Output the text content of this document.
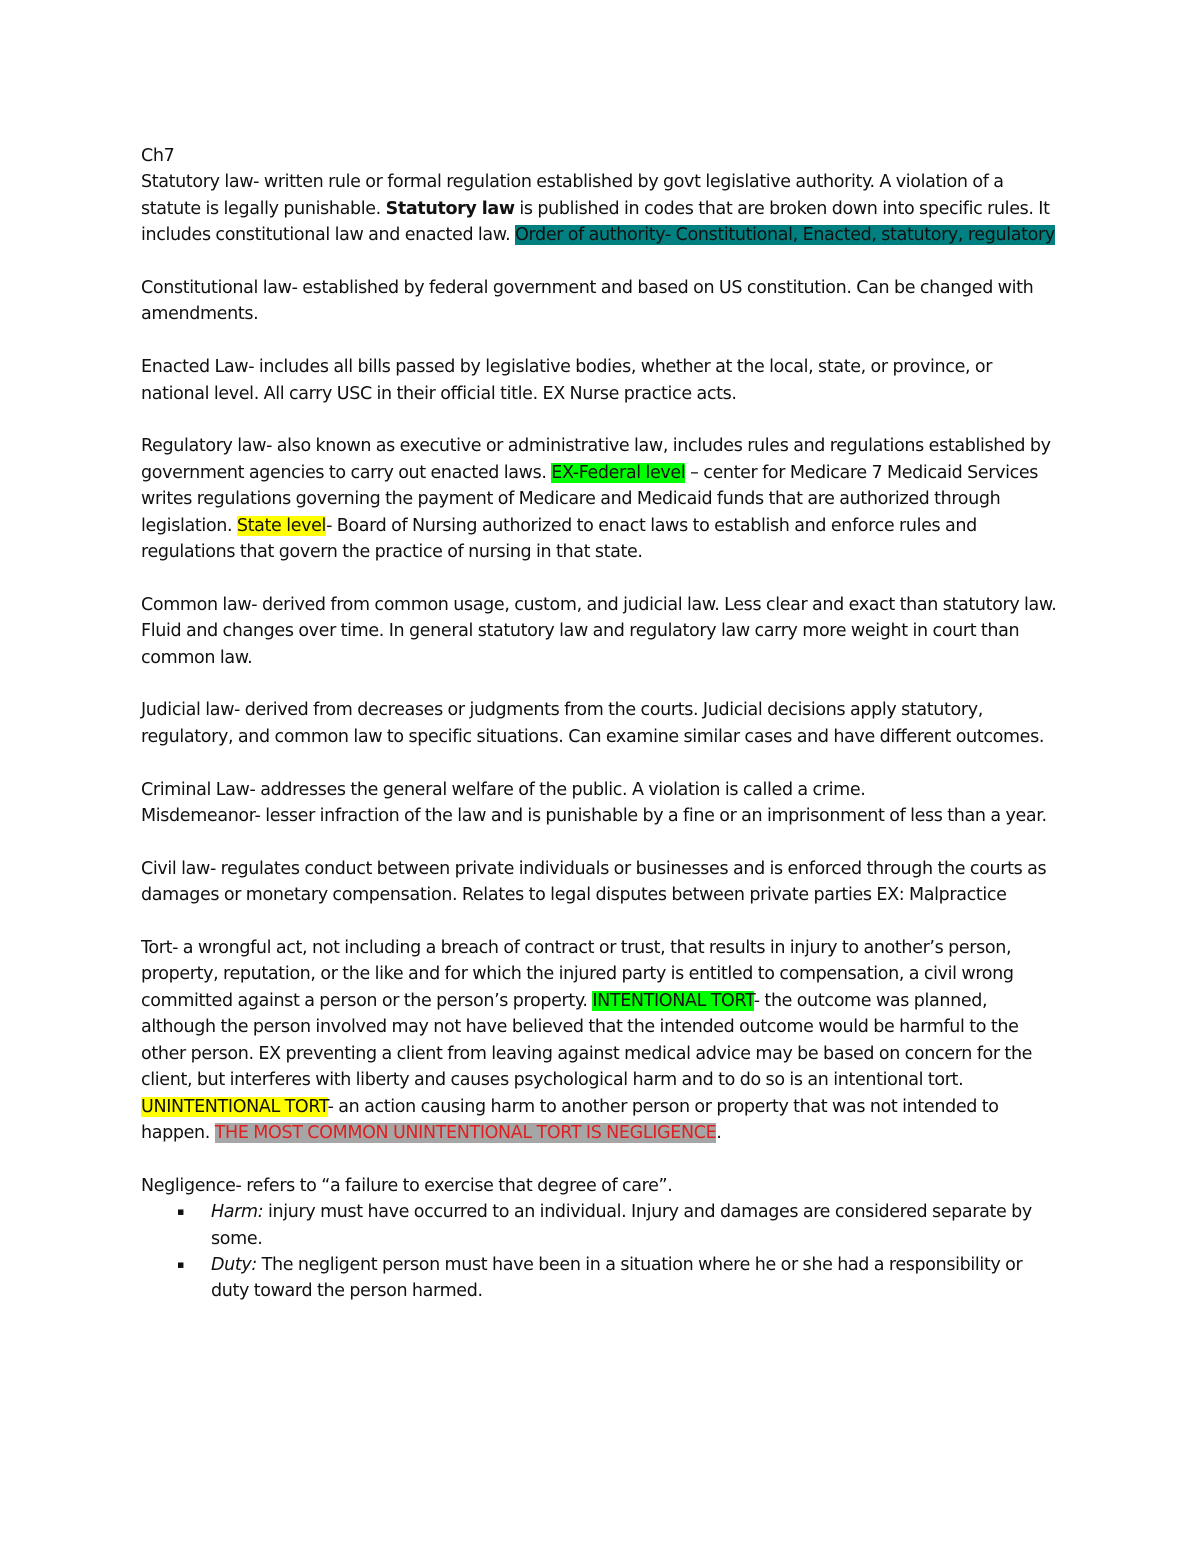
Ch7

Statutory law- written rule or formal regulation established by govt legislative authority. A violation of a statute is legally punishable. Statutory law is published in codes that are broken down into specific rules. It includes constitutional law and enacted law. Order of authority- Constitutional, Enacted, statutory, regulatory

Constitutional law- established by federal government and based on US constitution. Can be changed with amendments.

Enacted Law- includes all bills passed by legislative bodies, whether at the local, state, or province, or national level. All carry USC in their official title. EX Nurse practice acts.

Regulatory law- also known as executive or administrative law, includes rules and regulations established by government agencies to carry out enacted laws. EX-Federal level – center for Medicare 7 Medicaid Services writes regulations governing the payment of Medicare and Medicaid funds that are authorized through legislation. State level- Board of Nursing authorized to enact laws to establish and enforce rules and regulations that govern the practice of nursing in that state.

Common law- derived from common usage, custom, and judicial law. Less clear and exact than statutory law. Fluid and changes over time. In general statutory law and regulatory law carry more weight in court than common law.

Judicial law- derived from decreases or judgments from the courts. Judicial decisions apply statutory, regulatory, and common law to specific situations. Can examine similar cases and have different outcomes.

Criminal Law- addresses the general welfare of the public. A violation is called a crime.

Misdemeanor- lesser infraction of the law and is punishable by a fine or an imprisonment of less than a year.

Civil law- regulates conduct between private individuals or businesses and is enforced through the courts as damages or monetary compensation. Relates to legal disputes between private parties EX: Malpractice

Tort- a wrongful act, not including a breach of contract or trust, that results in injury to another’s person, property, reputation, or the like and for which the injured party is entitled to compensation, a civil wrong committed against a person or the person’s property. INTENTIONAL TORT- the outcome was planned, although the person involved may not have believed that the intended outcome would be harmful to the other person. EX preventing a client from leaving against medical advice may be based on concern for the client, but interferes with liberty and causes psychological harm and to do so is an intentional tort. UNINTENTIONAL TORT- an action causing harm to another person or property that was not intended to happen. THE MOST COMMON UNINTENTIONAL TORT IS NEGLIGENCE.

Negligence- refers to “a failure to exercise that degree of care”.

▪ Harm: injury must have occurred to an individual. Injury and damages are considered separate by some.
▪ Duty: The negligent person must have been in a situation where he or she had a responsibility or duty toward the person harmed.
